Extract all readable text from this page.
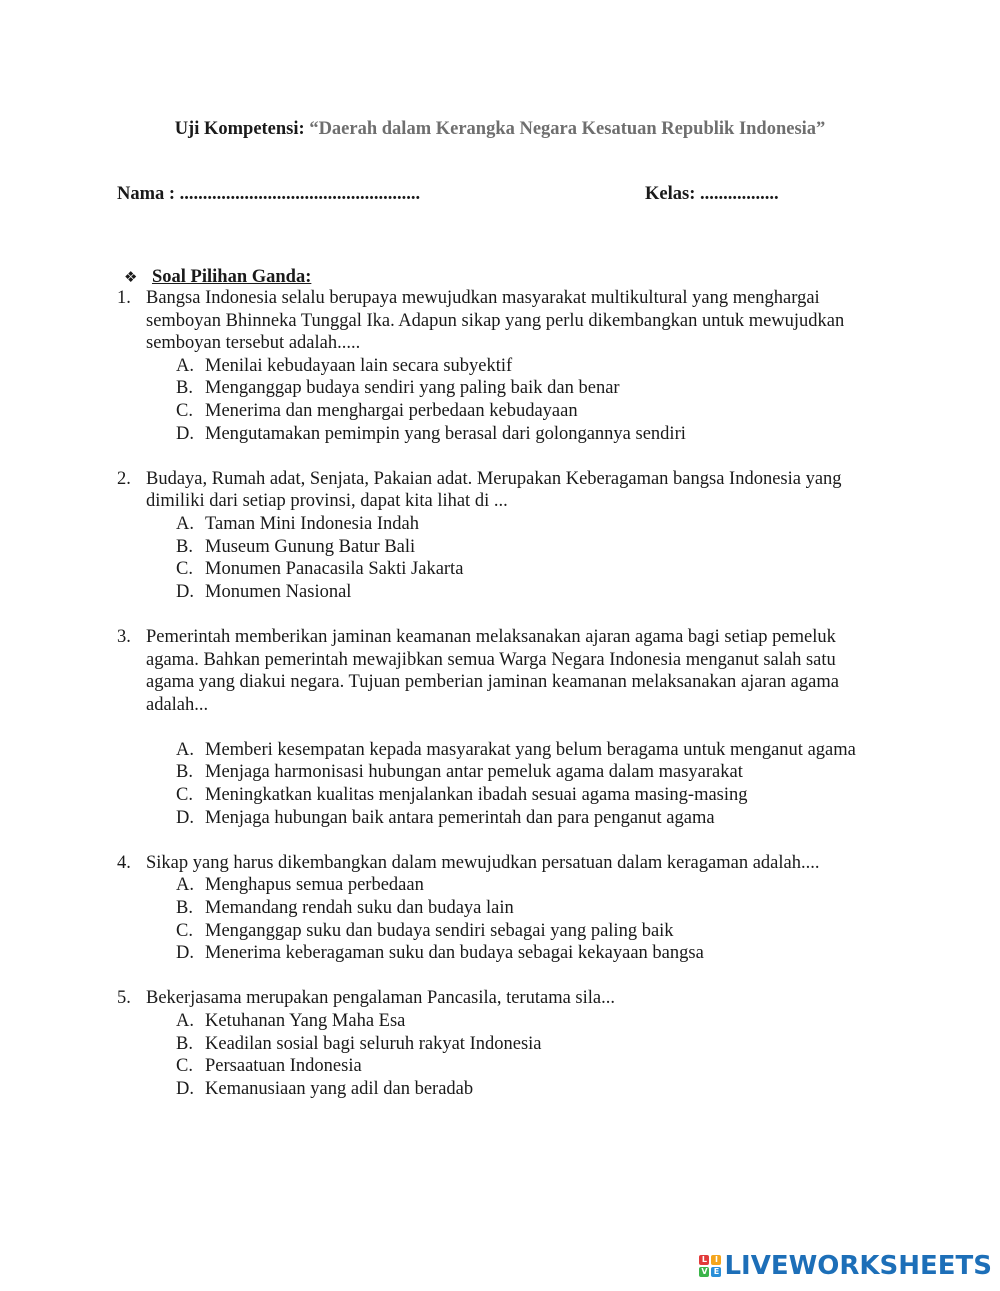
Uji Kompetensi: “Daerah dalam Kerangka Negara Kesatuan Republik Indonesia”
Nama : ....................................................	Kelas: .................
❖ Soal Pilihan Ganda:
1. Bangsa Indonesia selalu berupaya mewujudkan masyarakat multikultural yang menghargai semboyan Bhinneka Tunggal Ika. Adapun sikap yang perlu dikembangkan untuk mewujudkan semboyan tersebut adalah.....

A. Menilai kebudayaan lain secara subyektif
B. Menganggap budaya sendiri yang paling baik dan benar
C. Menerima dan menghargai perbedaan kebudayaan
D. Mengutamakan pemimpin yang berasal dari golongannya sendiri
2. Budaya, Rumah adat, Senjata, Pakaian adat. Merupakan Keberagaman bangsa Indonesia yang dimiliki dari setiap provinsi, dapat kita lihat di ...

A. Taman Mini Indonesia Indah
B. Museum Gunung Batur Bali
C. Monumen Panacasila Sakti Jakarta
D. Monumen Nasional
3. Pemerintah memberikan jaminan keamanan melaksanakan ajaran agama bagi setiap pemeluk agama. Bahkan pemerintah mewajibkan semua Warga Negara Indonesia menganut salah satu agama yang diakui negara. Tujuan pemberian jaminan keamanan melaksanakan ajaran agama adalah...

A. Memberi kesempatan kepada masyarakat yang belum beragama untuk menganut agama
B. Menjaga harmonisasi hubungan antar pemeluk agama dalam masyarakat
C. Meningkatkan kualitas menjalankan ibadah sesuai agama masing-masing
D. Menjaga hubungan baik antara pemerintah dan para penganut agama
4. Sikap yang harus dikembangkan dalam mewujudkan persatuan dalam keragaman adalah....

A. Menghapus semua perbedaan
B. Memandang rendah suku dan budaya lain
C. Menganggap suku dan budaya sendiri sebagai yang paling baik
D. Menerima keberagaman suku dan budaya sebagai kekayaan bangsa
5. Bekerjasama merupakan pengalaman Pancasila, terutama sila...

A. Ketuhanan Yang Maha Esa
B. Keadilan sosial bagi seluruh rakyat Indonesia
C. Persaatuan Indonesia
D. Kemanusiaan yang adil dan beradab
L I
V E LIVEWORKSHEETS
